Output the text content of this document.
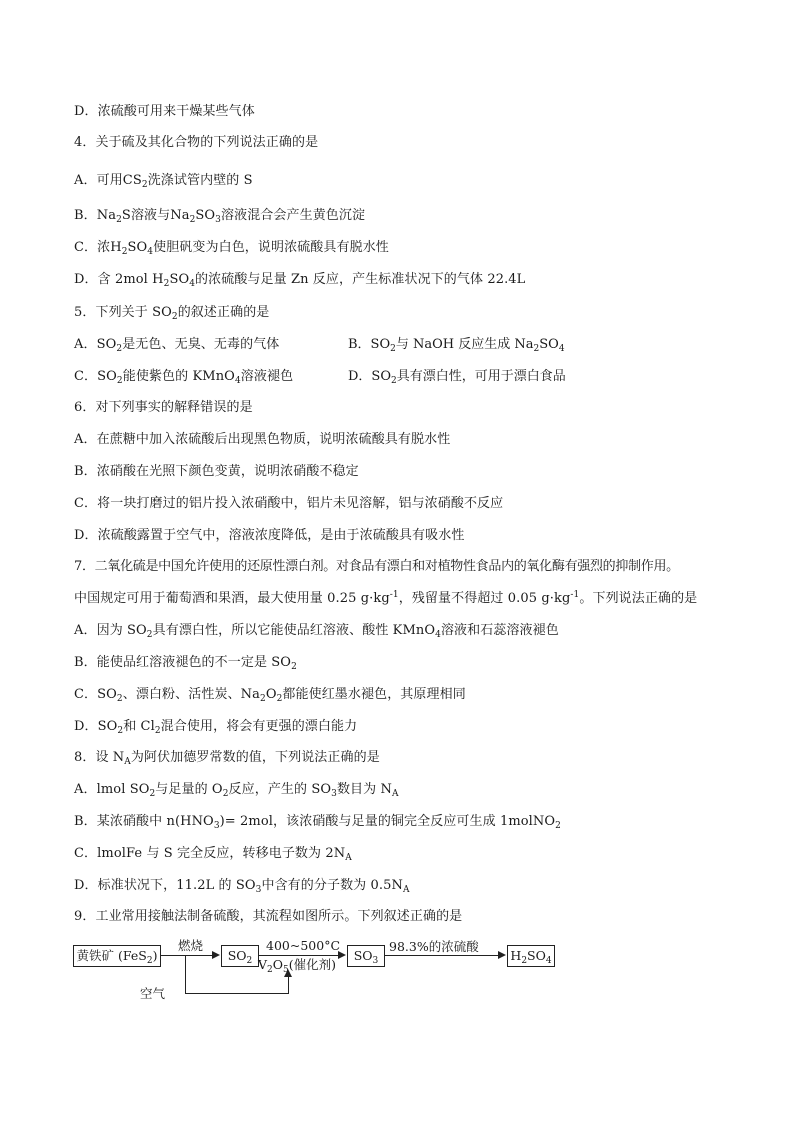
D．浓硫酸可用来干燥某些气体
4．关于硫及其化合物的下列说法正确的是
A．可用$CS_2$洗涤试管内壁的 S
B．$Na_2S$溶液与$Na_2SO_3$溶液混合会产生黄色沉淀
C．浓$H_2SO_4$使胆矾变为白色，说明浓硫酸具有脱水性
D．含 2mol $H_2SO_4$的浓硫酸与足量 Zn 反应，产生标准状况下的气体 22.4L
5．下列关于 $SO_2$的叙述正确的是
A．$SO_2$是无色、无臭、无毒的气体	B．$SO_2$与 NaOH 反应生成 $Na_2SO_4$
C．$SO_2$能使紫色的 KMnO$_4$溶液褪色	D．$SO_2$具有漂白性，可用于漂白食品
6．对下列事实的解释错误的是
A．在蔗糖中加入浓硫酸后出现黑色物质，说明浓硫酸具有脱水性
B．浓硝酸在光照下颜色变黄，说明浓硝酸不稳定
C．将一块打磨过的铝片投入浓硝酸中，铝片未见溶解，铝与浓硝酸不反应
D．浓硫酸露置于空气中，溶液浓度降低，是由于浓硫酸具有吸水性
7．二氧化硫是中国允许使用的还原性漂白剂。对食品有漂白和对植物性食品内的氧化酶有强烈的抑制作用。
中国规定可用于葡萄酒和果酒，最大使用量 0.25 $g\cdot kg^{-1}$，残留量不得超过 0.05 $g\cdot kg^{-1}$。下列说法正确的是
A．因为 $SO_2$具有漂白性，所以它能使品红溶液、酸性 KMnO$_4$溶液和石蕊溶液褪色
B．能使品红溶液褪色的不一定是 $SO_2$
C．$SO_2$、漂白粉、活性炭、$Na_2O_2$都能使红墨水褪色，其原理相同
D．$SO_2$和 $Cl_2$混合使用，将会有更强的漂白能力
8．设 $N_A$为阿伏加德罗常数的值，下列说法正确的是
A．lmol $SO_2$与足量的 $O_2$反应，产生的 $SO_3$数目为 $N_A$
B．某浓硝酸中 $n(HNO_3)= 2mol$，该浓硝酸与足量的铜完全反应可生成 1molNO$_2$
C．lmolFe 与 S 完全反应，转移电子数为 $2N_A$
D．标准状况下，11.2L 的 $SO_3$中含有的分子数为 $0.5N_A$
9．工业常用接触法制备硫酸，其流程如图所示。下列叙述正确的是
黄铁矿 (FeS$_2$)
燃烧
$SO_2$
400~500°C
$V_2O_5$(催化剂)
$SO_3$
98.3%的浓硫酸
$H_2SO_4$
空气
